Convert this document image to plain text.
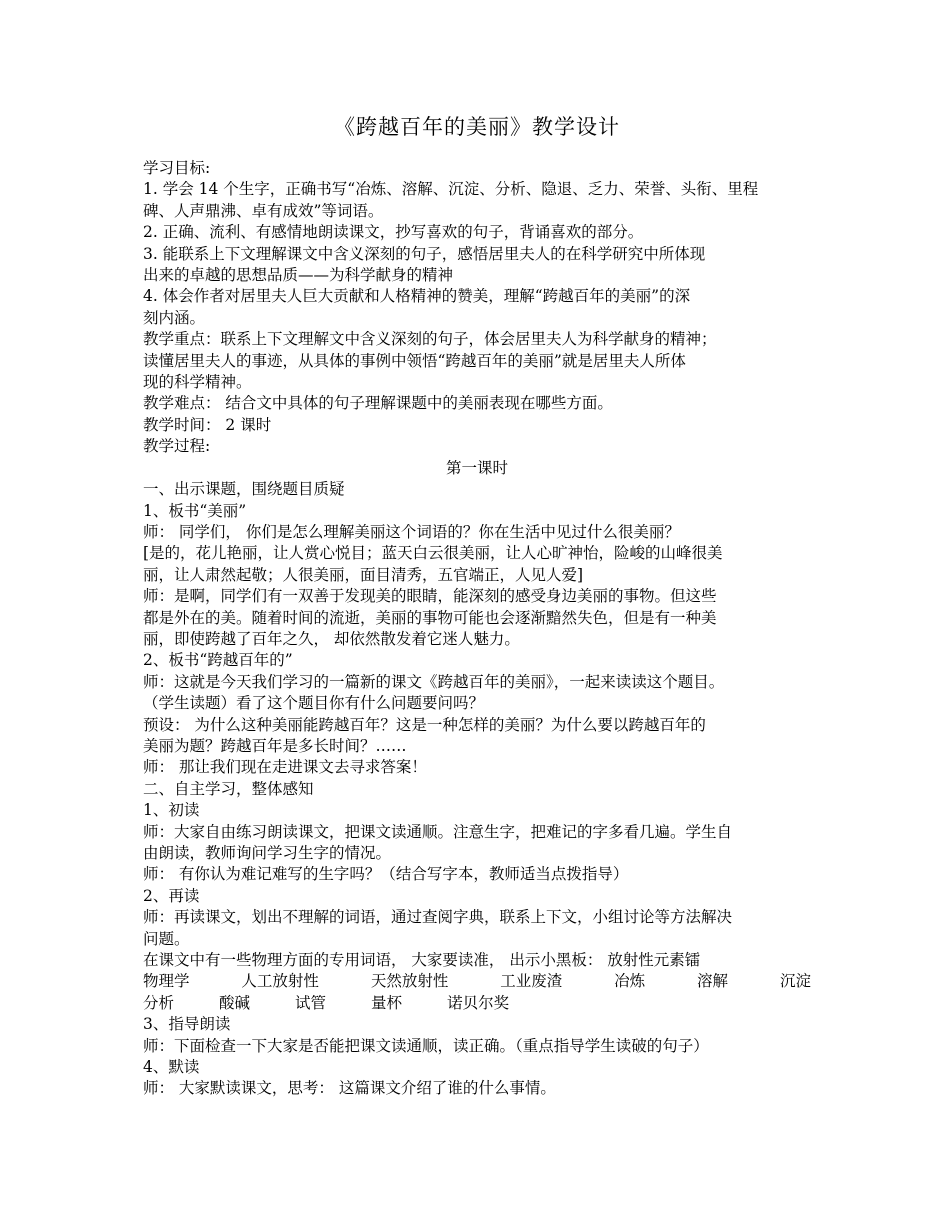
《跨越百年的美丽》教学设计
学习目标:
1. 学会 14 个生字，正确书写“冶炼、溶解、沉淀、分析、隐退、乏力、荣誉、头衔、里程
碑、人声鼎沸、卓有成效”等词语。
2. 正确、流利、有感情地朗读课文，抄写喜欢的句子，背诵喜欢的部分。
3. 能联系上下文理解课文中含义深刻的句子，感悟居里夫人的在科学研究中所体现
出来的卓越的思想品质——为科学献身的精神
4. 体会作者对居里夫人巨大贡献和人格精神的赞美，理解“跨越百年的美丽”的深
刻内涵。
教学重点：联系上下文理解文中含义深刻的句子，体会居里夫人为科学献身的精神；
读懂居里夫人的事迹，从具体的事例中领悟“跨越百年的美丽”就是居里夫人所体
现的科学精神。
教学难点： 结合文中具体的句子理解课题中的美丽表现在哪些方面。
教学时间： 2 课时
教学过程:
第一课时
一、出示课题，围绕题目质疑
1、板书“美丽”
师： 同学们， 你们是怎么理解美丽这个词语的？你在生活中见过什么很美丽？
[是的，花儿艳丽，让人赏心悦目；蓝天白云很美丽，让人心旷神怡，险峻的山峰很美
丽，让人肃然起敬；人很美丽，面目清秀，五官端正，人见人爱]
师：是啊，同学们有一双善于发现美的眼睛，能深刻的感受身边美丽的事物。但这些
都是外在的美。随着时间的流逝，美丽的事物可能也会逐渐黯然失色，但是有一种美
丽，即使跨越了百年之久， 却依然散发着它迷人魅力。
2、板书“跨越百年的”
师：这就是今天我们学习的一篇新的课文《跨越百年的美丽》，一起来读读这个题目。
（学生读题）看了这个题目你有什么问题要问吗？
预设： 为什么这种美丽能跨越百年？这是一种怎样的美丽？为什么要以跨越百年的
美丽为题？跨越百年是多长时间？……
师： 那让我们现在走进课文去寻求答案！
二、自主学习，整体感知
1、初读
师：大家自由练习朗读课文，把课文读通顺。注意生字，把难记的字多看几遍。学生自
由朗读，教师询问学习生字的情况。
师： 有你认为难记难写的生字吗？（结合写字本，教师适当点拨指导）
2、再读
师：再读课文，划出不理解的词语，通过查阅字典，联系上下文，小组讨论等方法解决
问题。
在课文中有一些物理方面的专用词语， 大家要读准， 出示小黑板： 放射性元素镭
物理学	人工放射性	天然放射性	工业废渣	冶炼	溶解	沉淀
分析	酸碱	试管	量杯	诺贝尔奖
3、指导朗读
师：下面检查一下大家是否能把课文读通顺，读正确。（重点指导学生读破的句子）
4、默读
师： 大家默读课文，思考： 这篇课文介绍了谁的什么事情。
